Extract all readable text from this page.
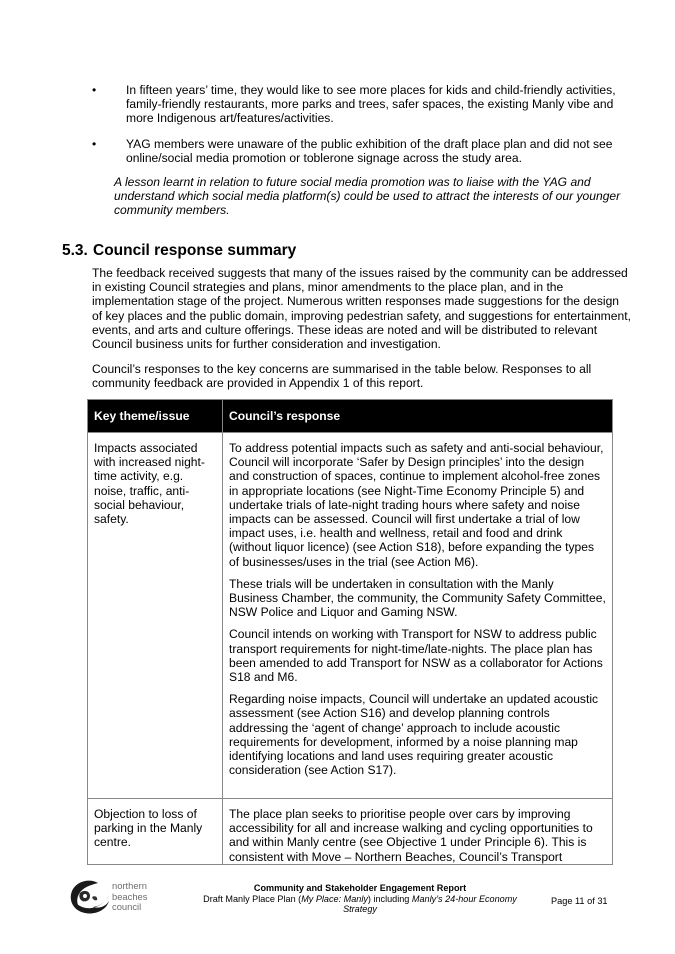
•	In fifteen years’ time, they would like to see more places for kids and child-friendly activities, family-friendly restaurants, more parks and trees, safer spaces, the existing Manly vibe and more Indigenous art/features/activities.
•	YAG members were unaware of the public exhibition of the draft place plan and did not see online/social media promotion or toblerone signage across the study area.
A lesson learnt in relation to future social media promotion was to liaise with the YAG and understand which social media platform(s) could be used to attract the interests of our younger community members.
5.3. Council response summary
The feedback received suggests that many of the issues raised by the community can be addressed in existing Council strategies and plans, minor amendments to the place plan, and in the implementation stage of the project. Numerous written responses made suggestions for the design of key places and the public domain, improving pedestrian safety, and suggestions for entertainment, events, and arts and culture offerings. These ideas are noted and will be distributed to relevant Council business units for further consideration and investigation.
Council’s responses to the key concerns are summarised in the table below. Responses to all community feedback are provided in Appendix 1 of this report.
Key theme/issue	Council’s response
Impacts associated with increased night-time activity, e.g. noise, traffic, anti-social behaviour, safety.	To address potential impacts such as safety and anti-social behaviour, Council will incorporate ‘Safer by Design principles’ into the design and construction of spaces, continue to implement alcohol-free zones in appropriate locations (see Night-Time Economy Principle 5) and undertake trials of late-night trading hours where safety and noise impacts can be assessed. Council will first undertake a trial of low impact uses, i.e. health and wellness, retail and food and drink (without liquor licence) (see Action S18), before expanding the types of businesses/uses in the trial (see Action M6).

These trials will be undertaken in consultation with the Manly Business Chamber, the community, the Community Safety Committee, NSW Police and Liquor and Gaming NSW.

Council intends on working with Transport for NSW to address public transport requirements for night-time/late-nights. The place plan has been amended to add Transport for NSW as a collaborator for Actions S18 and M6.

Regarding noise impacts, Council will undertake an updated acoustic assessment (see Action S16) and develop planning controls addressing the ‘agent of change’ approach to include acoustic requirements for development, informed by a noise planning map identifying locations and land uses requiring greater acoustic consideration (see Action S17).

Objection to loss of parking in the Manly centre.	The place plan seeks to prioritise people over cars by improving accessibility for all and increase walking and cycling opportunities to and within Manly centre (see Objective 1 under Principle 6). This is consistent with Move – Northern Beaches, Council’s Transport

northern
beaches
council
Community and Stakeholder Engagement Report
Draft Manly Place Plan (My Place: Manly) including Manly’s 24-hour Economy Strategy
Page 11 of 31
